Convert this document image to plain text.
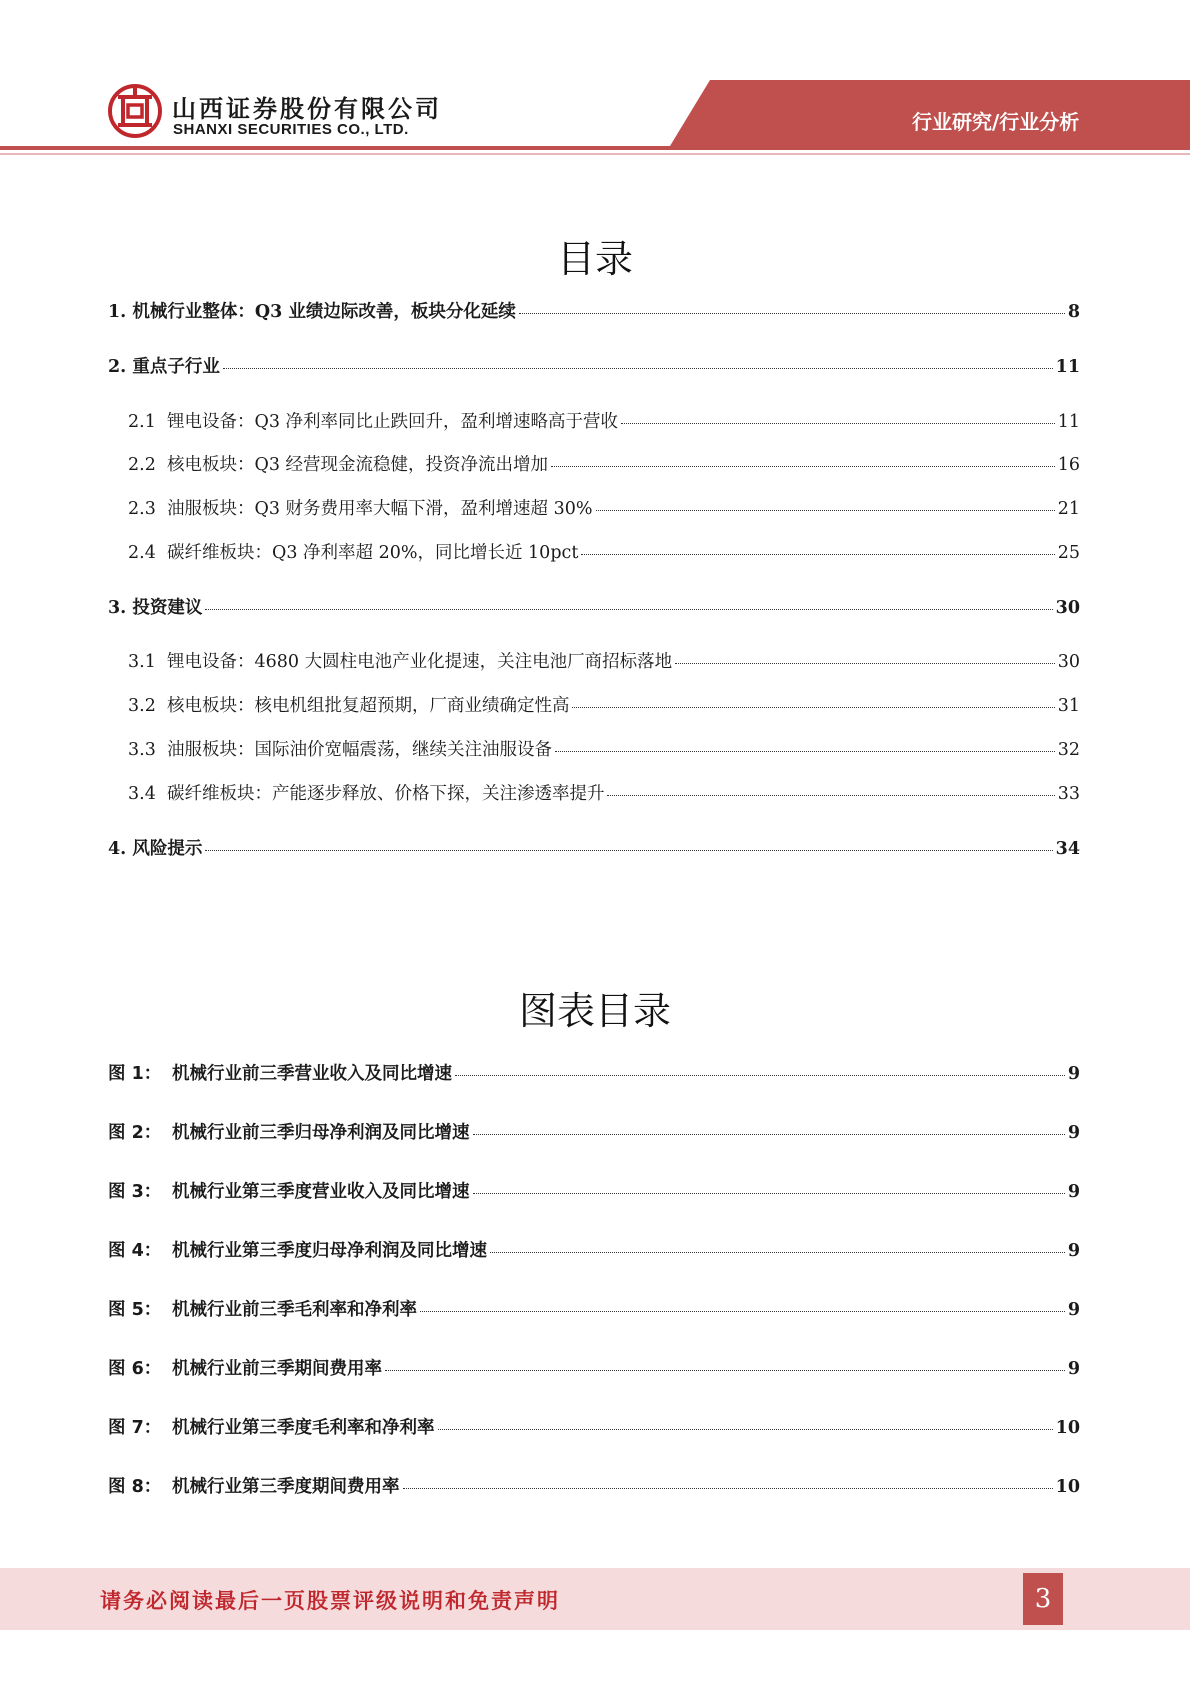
山西证券股份有限公司
SHANXI SECURITIES CO., LTD.	行业研究/行业分析
目录
1.
机械行业整体：Q3 业绩边际改善，板块分化延续	8
2.
重点子行业	11
2.1
锂电设备：Q3 净利率同比止跌回升，盈利增速略高于营收	11
2.2
核电板块：Q3 经营现金流稳健，投资净流出增加	16
2.3
油服板块：Q3 财务费用率大幅下滑，盈利增速超 30%	21
2.4
碳纤维板块：Q3 净利率超 20%，同比增长近 10pct	25
3.
投资建议	30
3.1
锂电设备：4680 大圆柱电池产业化提速，关注电池厂商招标落地	30
3.2
核电板块：核电机组批复超预期，厂商业绩确定性高	31
3.3
油服板块：国际油价宽幅震荡，继续关注油服设备	32
3.4
碳纤维板块：产能逐步释放、价格下探，关注渗透率提升	33
4.
风险提示	34
图表目录
图 1： 机械行业前三季营业收入及同比增速	9
图 2： 机械行业前三季归母净利润及同比增速	9
图 3： 机械行业第三季度营业收入及同比增速	9
图 4： 机械行业第三季度归母净利润及同比增速	9
图 5： 机械行业前三季毛利率和净利率	9
图 6： 机械行业前三季期间费用率	9
图 7： 机械行业第三季度毛利率和净利率	10
图 8： 机械行业第三季度期间费用率	10
请务必阅读最后一页股票评级说明和免责声明	3
